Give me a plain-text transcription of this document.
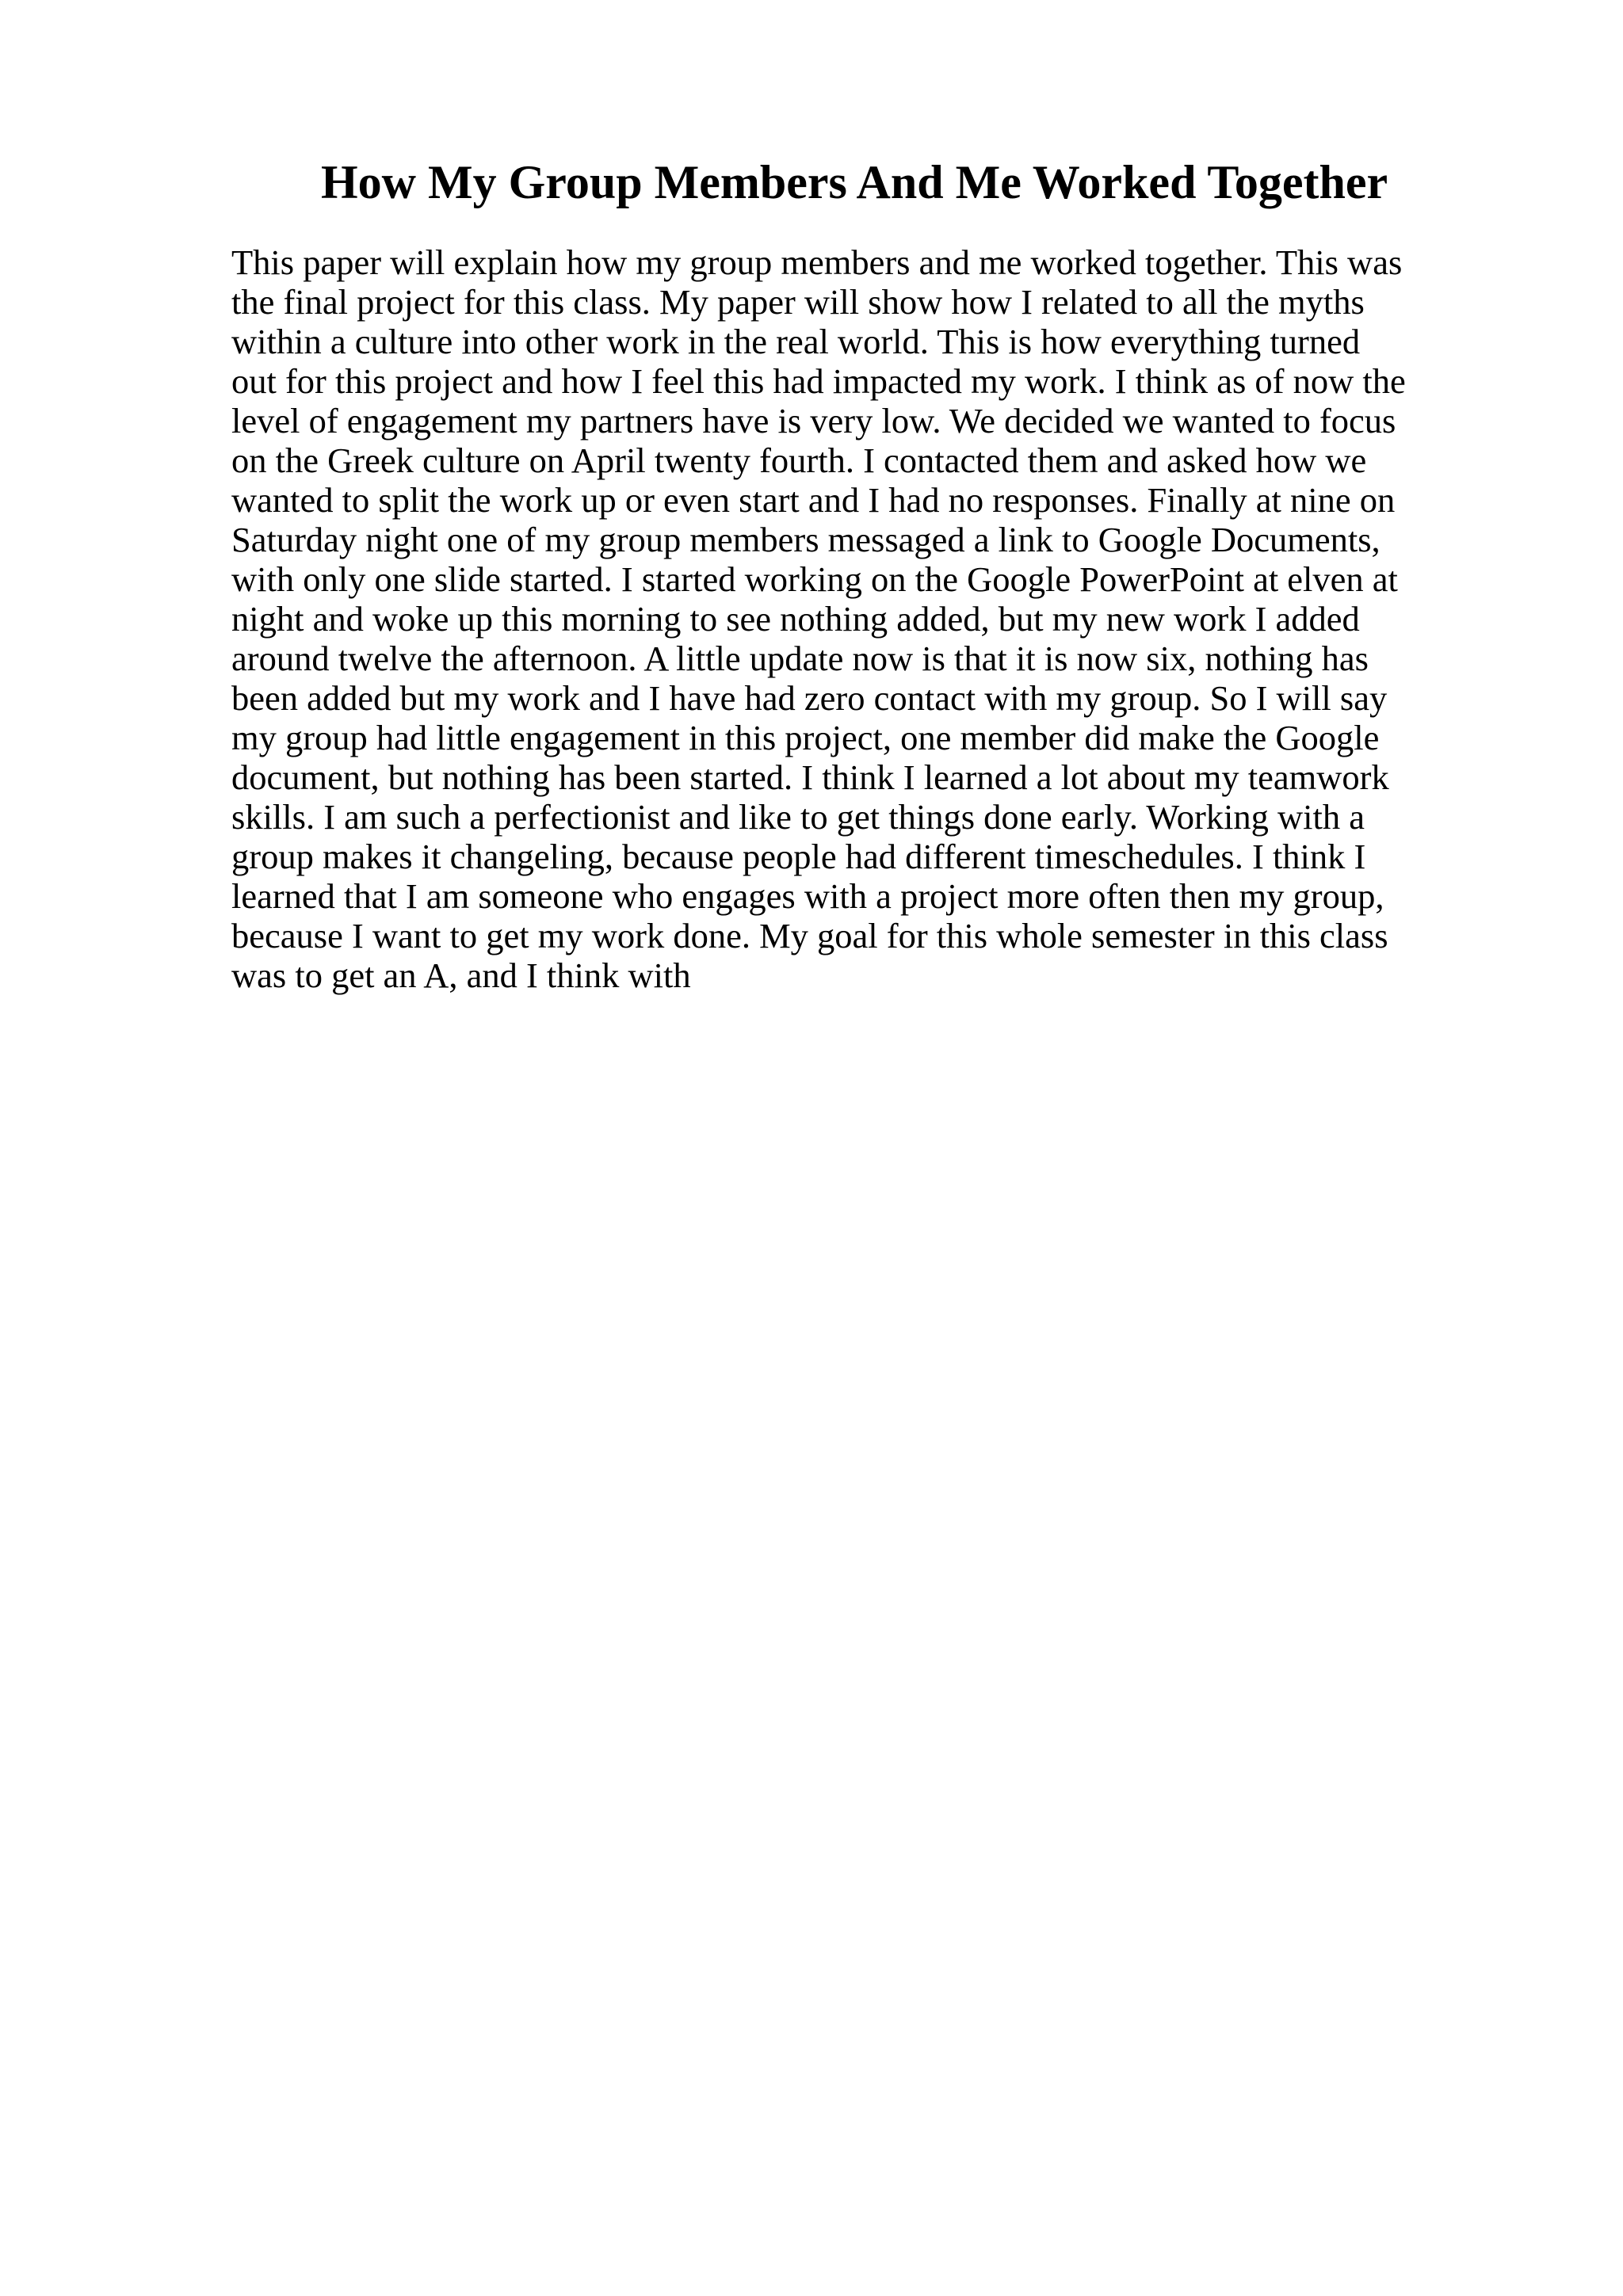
How My Group Members And Me Worked Together
This paper will explain how my group members and me worked together. This was
the final project for this class. My paper will show how I related to all the myths
within a culture into other work in the real world. This is how everything turned
out for this project and how I feel this had impacted my work. I think as of now the
level of engagement my partners have is very low. We decided we wanted to focus
on the Greek culture on April twenty fourth. I contacted them and asked how we
wanted to split the work up or even start and I had no responses. Finally at nine on
Saturday night one of my group members messaged a link to Google Documents,
with only one slide started. I started working on the Google PowerPoint at elven at
night and woke up this morning to see nothing added, but my new work I added
around twelve the afternoon. A little update now is that it is now six, nothing has
been added but my work and I have had zero contact with my group. So I will say
my group had little engagement in this project, one member did make the Google
document, but nothing has been started. I think I learned a lot about my teamwork
skills. I am such a perfectionist and like to get things done early. Working with a
group makes it changeling, because people had different timeschedules. I think I
learned that I am someone who engages with a project more often then my group,
because I want to get my work done. My goal for this whole semester in this class
was to get an A, and I think with
